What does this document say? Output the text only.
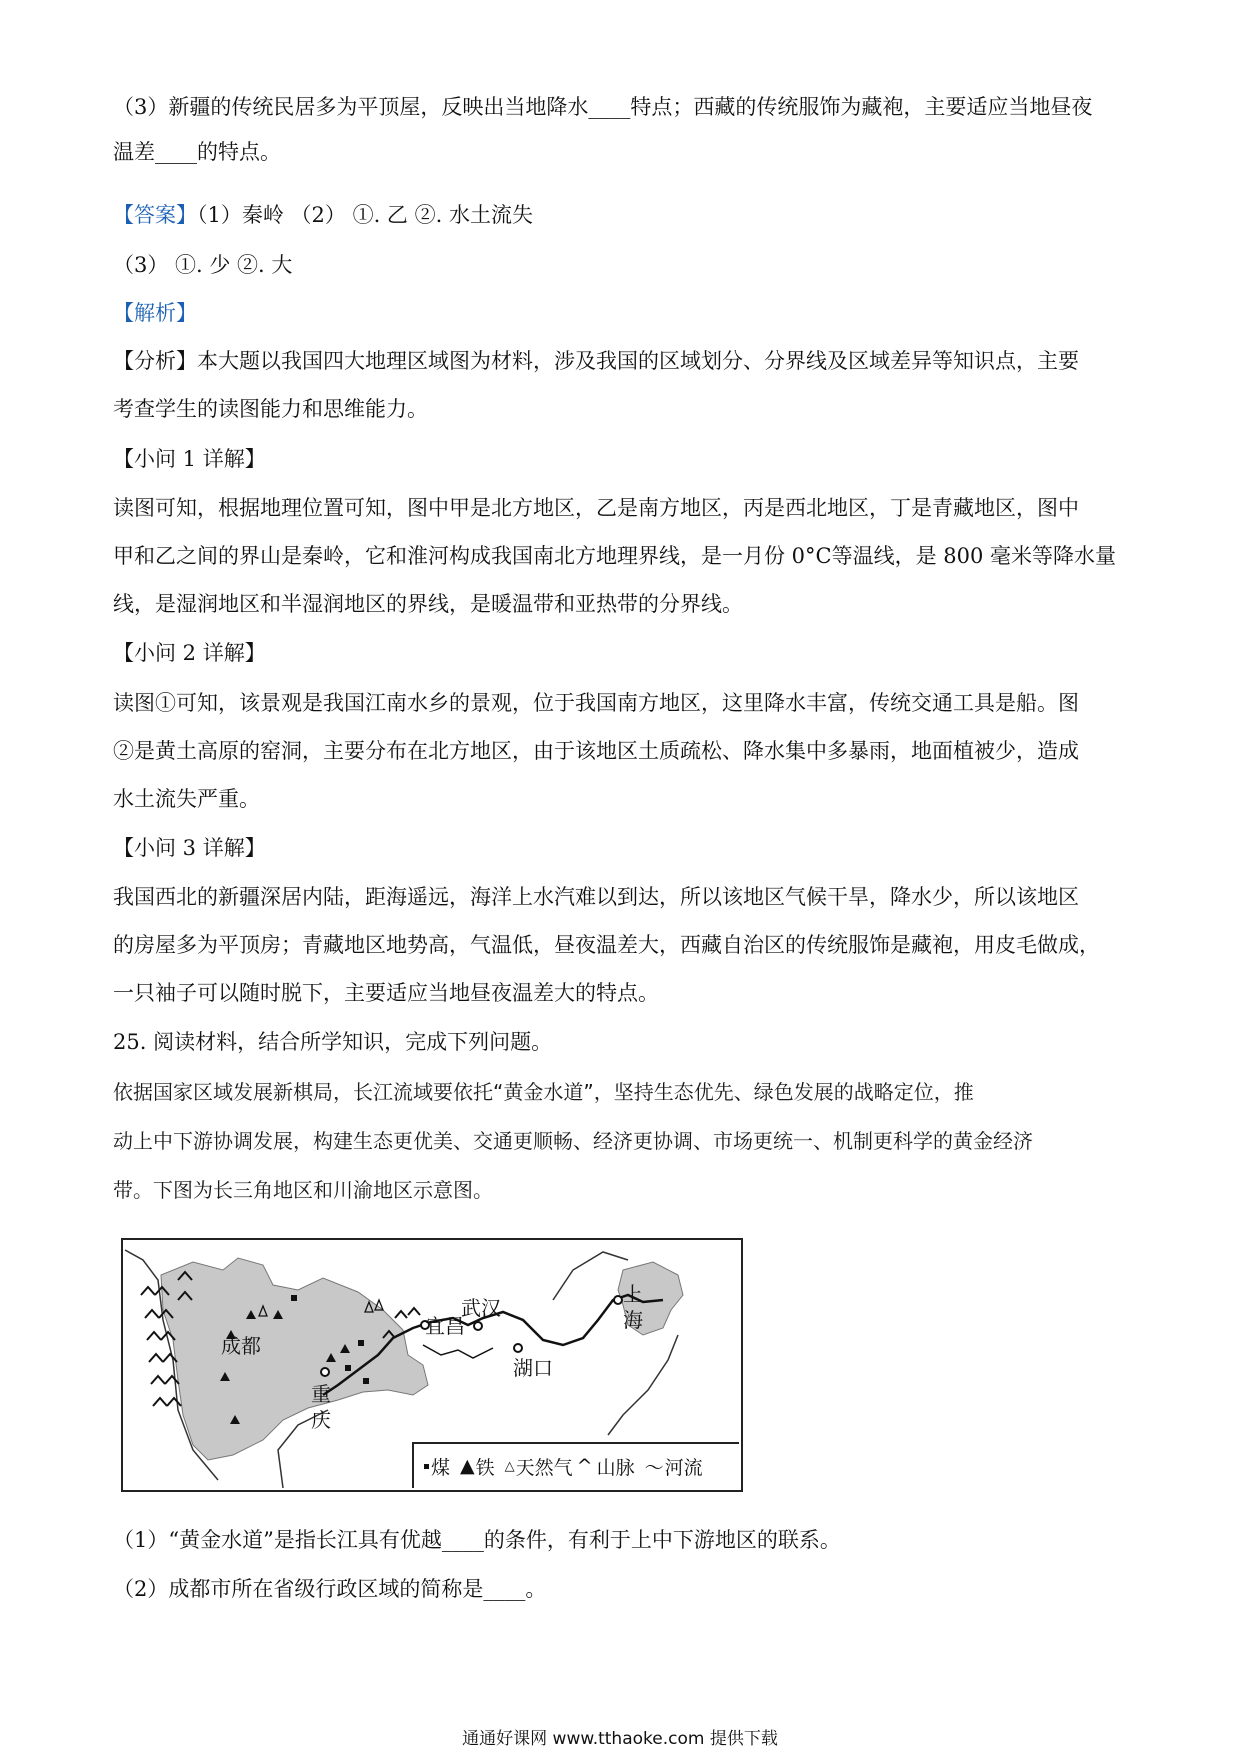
（3）新疆的传统民居多为平顶屋，反映出当地降水____特点；西藏的传统服饰为藏袍，主要适应当地昼夜
温差____的特点。
【答案】（1）秦岭 （2） ①. 乙 ②. 水土流失
（3） ①. 少 ②. 大
【解析】
【分析】本大题以我国四大地理区域图为材料，涉及我国的区域划分、分界线及区域差异等知识点，主要
考查学生的读图能力和思维能力。
【小问 1 详解】
读图可知，根据地理位置可知，图中甲是北方地区，乙是南方地区，丙是西北地区，丁是青藏地区，图中
甲和乙之间的界山是秦岭，它和淮河构成我国南北方地理界线，是一月份 0°C等温线，是 800 毫米等降水量
线，是湿润地区和半湿润地区的界线，是暖温带和亚热带的分界线。
【小问 2 详解】
读图①可知，该景观是我国江南水乡的景观，位于我国南方地区，这里降水丰富，传统交通工具是船。图
②是黄土高原的窑洞，主要分布在北方地区，由于该地区土质疏松、降水集中多暴雨，地面植被少，造成
水土流失严重。
【小问 3 详解】
我国西北的新疆深居内陆，距海遥远，海洋上水汽难以到达，所以该地区气候干旱，降水少，所以该地区
的房屋多为平顶房；青藏地区地势高，气温低，昼夜温差大，西藏自治区的传统服饰是藏袍，用皮毛做成，
一只袖子可以随时脱下，主要适应当地昼夜温差大的特点。
25. 阅读材料，结合所学知识，完成下列问题。
依据国家区域发展新棋局，长江流域要依托“黄金水道”，坚持生态优先、绿色发展的战略定位，推
动上中下游协调发展，构建生态更优美、交通更顺畅、经济更协调、市场更统一、机制更科学的黄金经济
带。下图为长三角地区和川渝地区示意图。
成都
重
庆
宜昌
武汉
湖口
上
海
煤 ▲ 铁 △ 天然气 ^ 山脉 〜 河流
（1）“黄金水道”是指长江具有优越____的条件，有利于上中下游地区的联系。
（2）成都市所在省级行政区域的简称是____。
通通好课网 www.tthaoke.com 提供下载
